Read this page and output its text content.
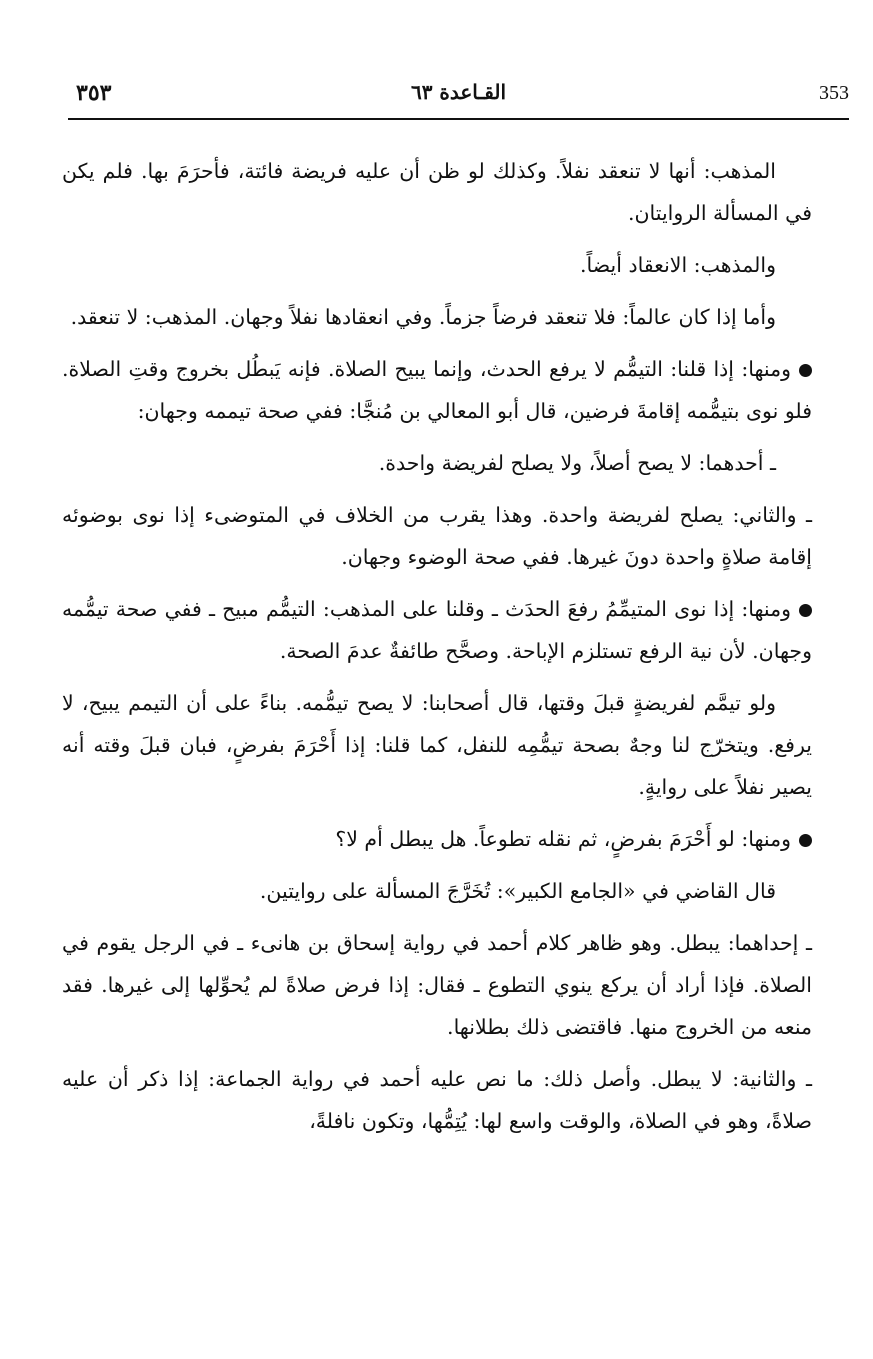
353
القـاعدة ٦٣
٣٥٣

المذهب: أنها لا تنعقد نفلاً. وكذلك لو ظن أن عليه فريضة فائتة، فأحرَمَ بها. فلم يكن في المسألة الروايتان.

والمذهب: الانعقاد أيضاً.

وأما إذا كان عالماً: فلا تنعقد فرضاً جزماً. وفي انعقادها نفلاً وجهان. المذهب: لا تنعقد.

ومنها: إذا قلنا: التيمُّم لا يرفع الحدث، وإنما يبيح الصلاة. فإنه يَبطُل بخروج وقتِ الصلاة. فلو نوى بتيمُّمه إقامةَ فرضين، قال أبو المعالي بن مُنجَّا: ففي صحة تيممه وجهان:

ـ أحدهما: لا يصح أصلاً، ولا يصلح لفريضة واحدة.

ـ والثاني: يصلح لفريضة واحدة. وهذا يقرب من الخلاف في المتوضىء إذا نوى بوضوئه إقامة صلاةٍ واحدة دونَ غيرها. ففي صحة الوضوء وجهان.

ومنها: إذا نوى المتيمِّمُ رفعَ الحدَث ـ وقلنا على المذهب: التيمُّم مبيح ـ ففي صحة تيمُّمه وجهان. لأن نية الرفع تستلزم الإباحة. وصحَّح طائفةٌ عدمَ الصحة.

ولو تيمَّم لفريضةٍ قبلَ وقتها، قال أصحابنا: لا يصح تيمُّمه. بناءً على أن التيمم يبيح، لا يرفع. ويتخرّج لنا وجهٌ بصحة تيمُّمِه للنفل، كما قلنا: إذا أَحْرَمَ بفرضٍ، فبان قبلَ وقته أنه يصير نفلاً على روايةٍ.

ومنها: لو أَحْرَمَ بفرضٍ، ثم نقله تطوعاً. هل يبطل أم لا؟

قال القاضي في «الجامع الكبير»: تُخَرَّجَ المسألة على روايتين.

ـ إحداهما: يبطل. وهو ظاهر كلام أحمد في رواية إسحاق بن هانىء ـ في الرجل يقوم في الصلاة. فإذا أراد أن يركع ينوي التطوع ـ فقال: إذا فرض صلاةً لم يُحوِّلها إلى غيرها. فقد منعه من الخروج منها. فاقتضى ذلك بطلانها.

ـ والثانية: لا يبطل. وأصل ذلك: ما نص عليه أحمد في رواية الجماعة: إذا ذكر أن عليه صلاةً، وهو في الصلاة، والوقت واسع لها: يُتِمُّها، وتكون نافلةً،
